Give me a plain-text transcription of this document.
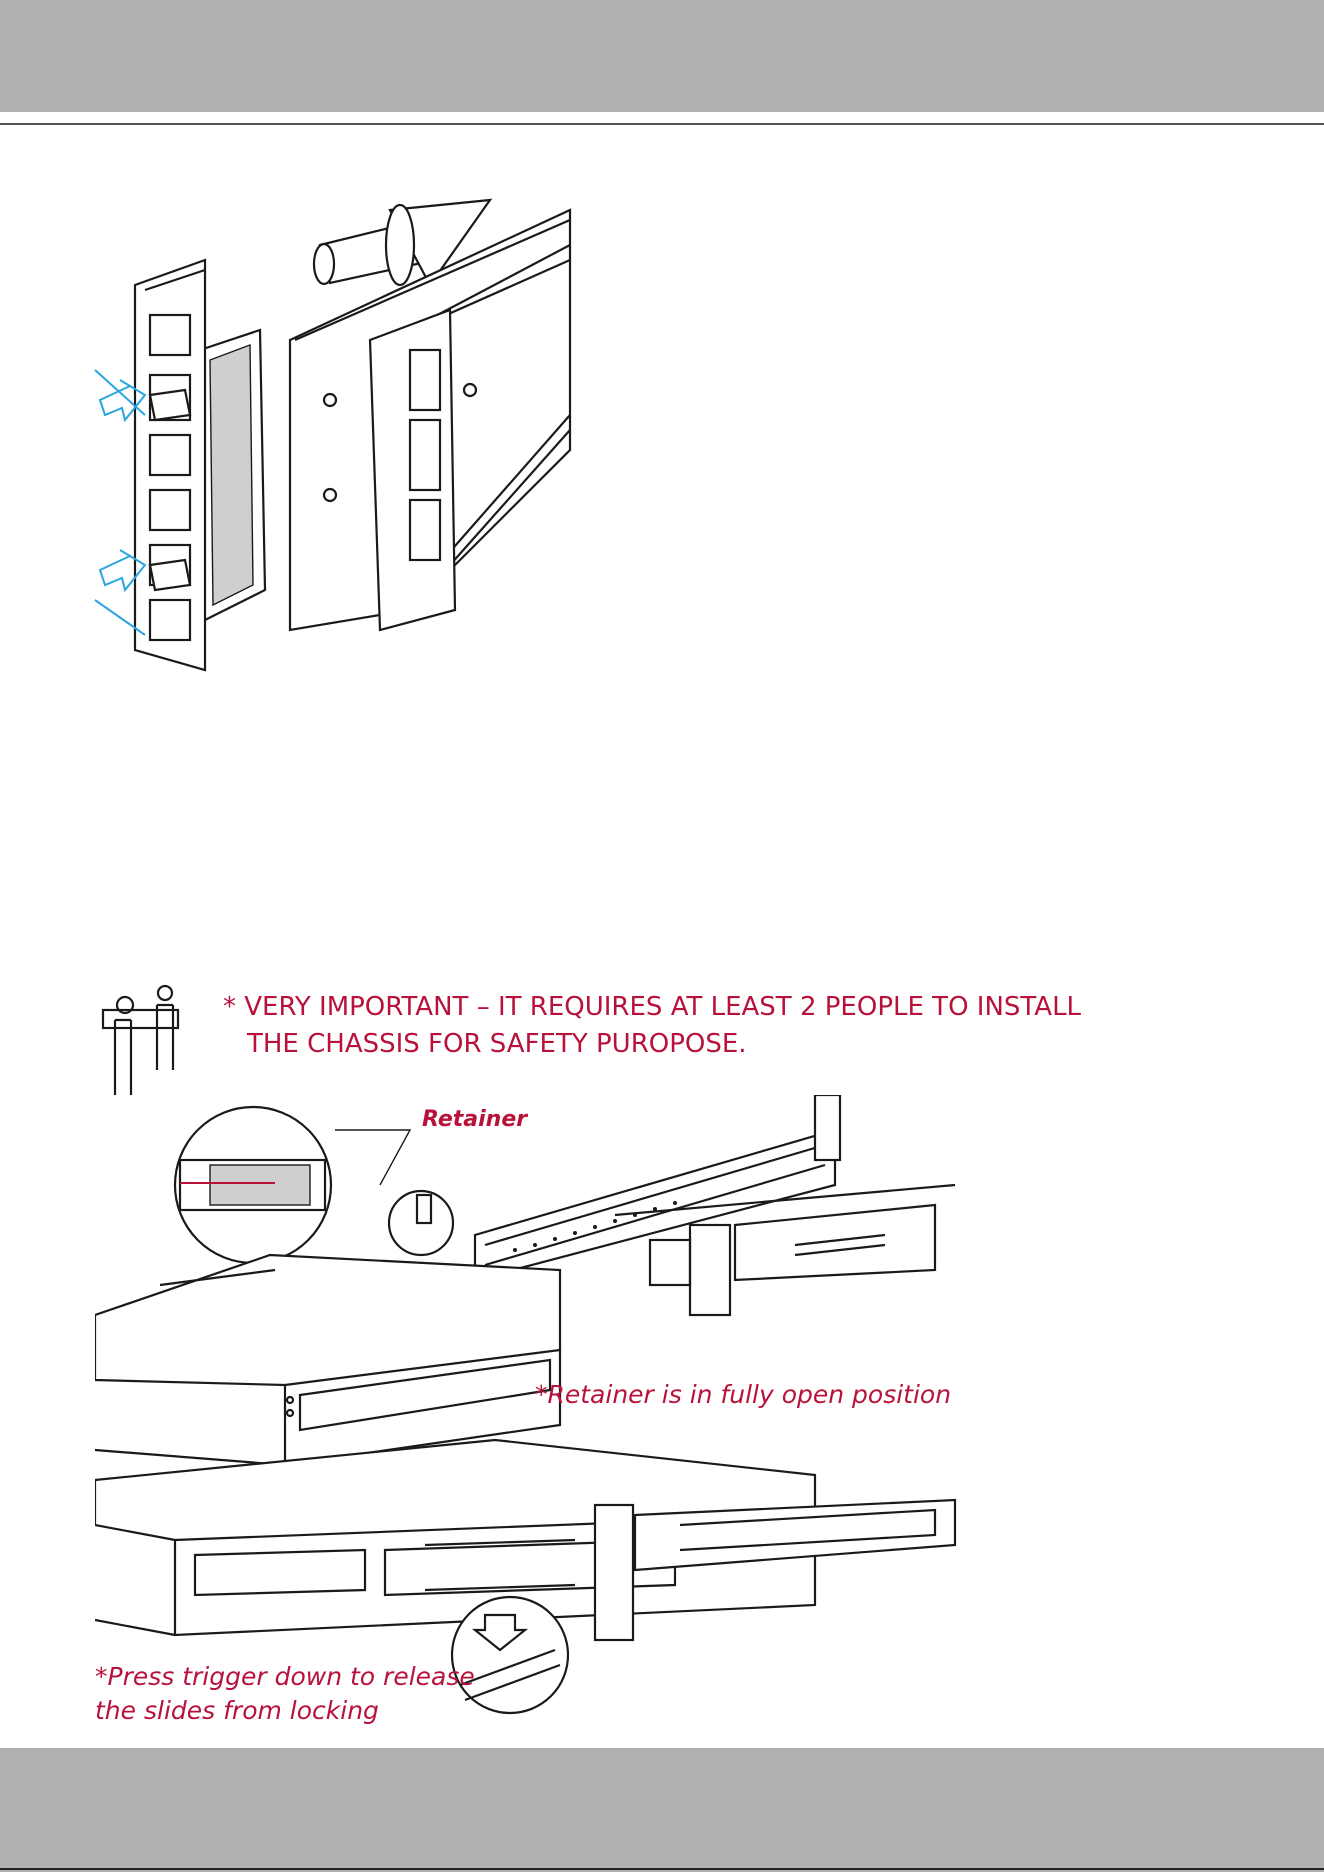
* VERY IMPORTANT – IT REQUIRES AT LEAST 2 PEOPLE TO INSTALL
THE CHASSIS FOR SAFETY PUROPOSE.
Retainer
*Retainer is in fully open position
*Press trigger down to release
the slides from locking
